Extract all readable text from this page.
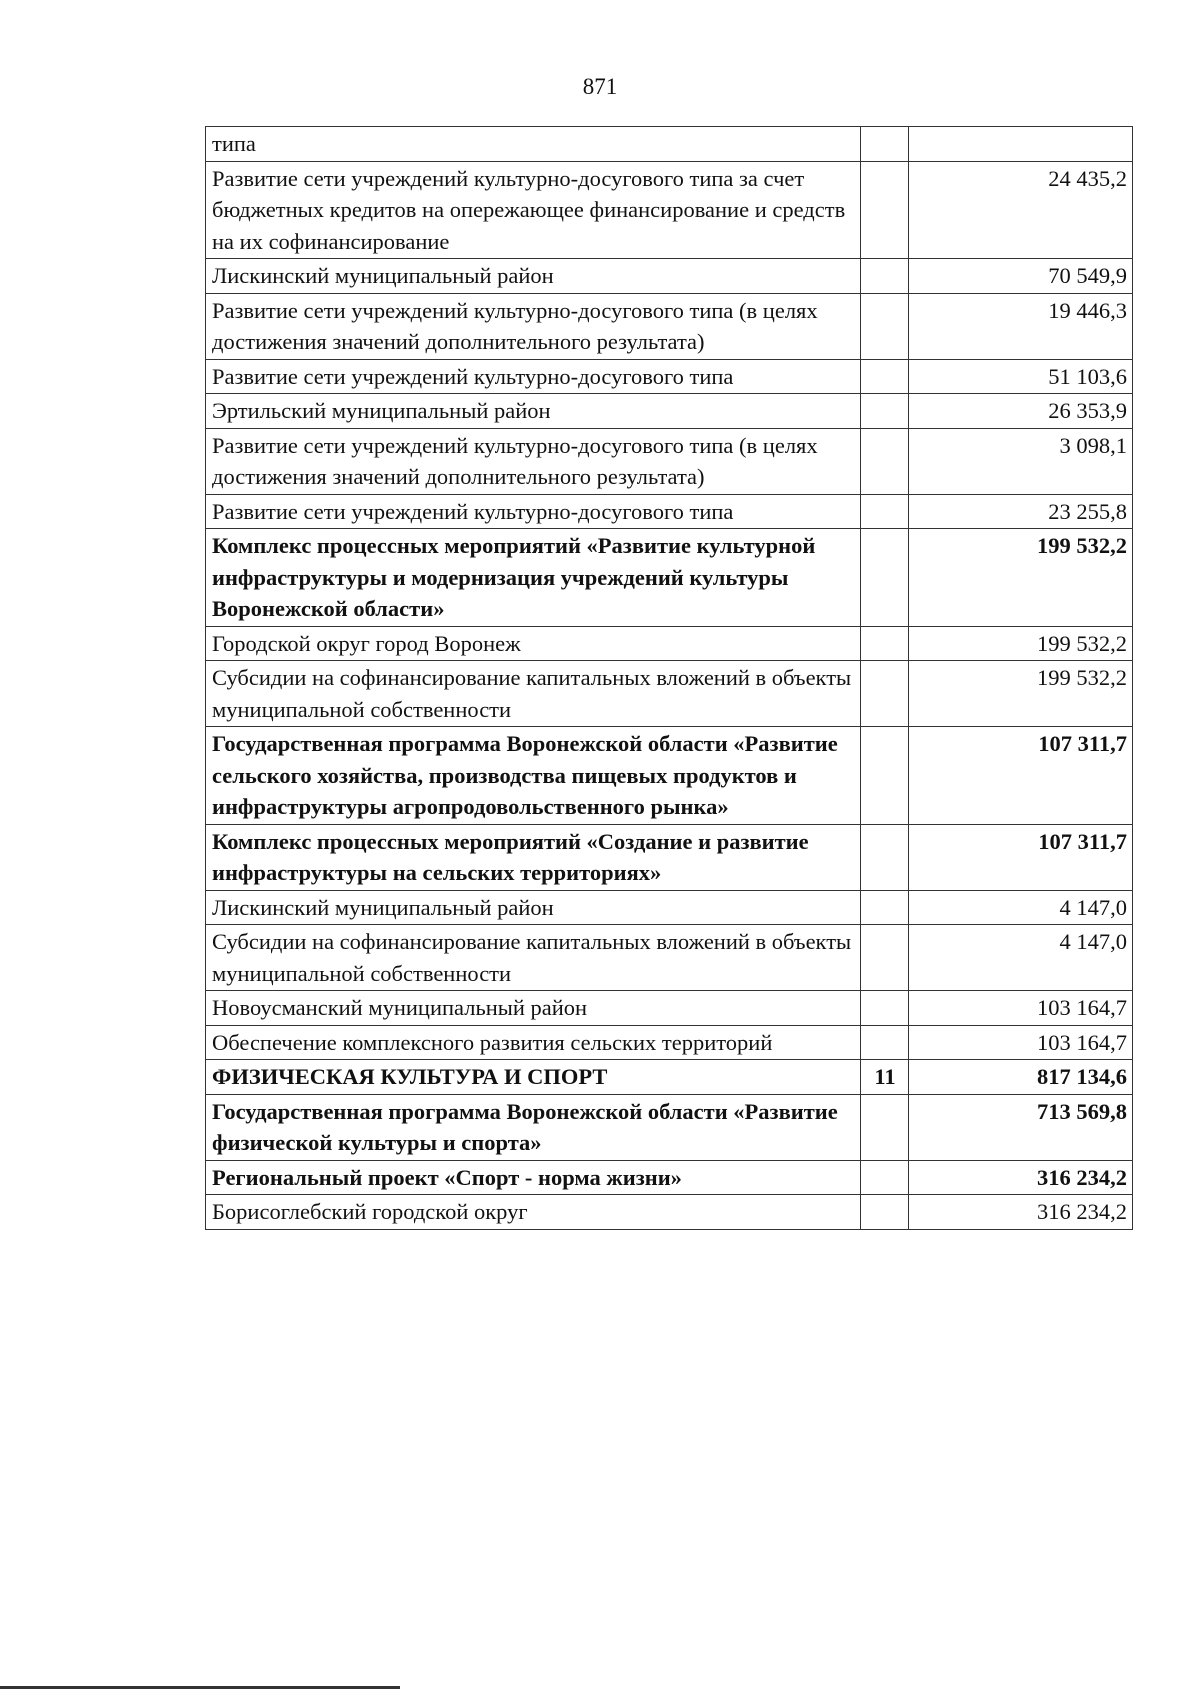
871
типа		
Развитие сети учреждений культурно-досугового типа за счет бюджетных кредитов на опережающее финансирование и средств на их софинансирование		24 435,2
Лискинский муниципальный район		70 549,9
Развитие сети учреждений культурно-досугового типа (в целях достижения значений дополнительного результата)		19 446,3
Развитие сети учреждений культурно-досугового типа		51 103,6
Эртильский муниципальный район		26 353,9
Развитие сети учреждений культурно-досугового типа (в целях достижения значений дополнительного результата)		3 098,1
Развитие сети учреждений культурно-досугового типа		23 255,8
Комплекс процессных мероприятий «Развитие культурной инфраструктуры и модернизация учреждений культуры Воронежской области»		199 532,2
Городской округ город Воронеж		199 532,2
Субсидии на софинансирование капитальных вложений в объекты муниципальной собственности		199 532,2
Государственная программа Воронежской области «Развитие сельского хозяйства, производства пищевых продуктов и инфраструктуры агропродовольственного рынка»		107 311,7
Комплекс процессных мероприятий «Создание и развитие инфраструктуры на сельских территориях»		107 311,7
Лискинский муниципальный район		4 147,0
Субсидии на софинансирование капитальных вложений в объекты муниципальной собственности		4 147,0
Новоусманский муниципальный район		103 164,7
Обеспечение комплексного развития сельских территорий		103 164,7
ФИЗИЧЕСКАЯ КУЛЬТУРА И СПОРТ	11	817 134,6
Государственная программа Воронежской области «Развитие физической культуры и спорта»		713 569,8
Региональный проект «Спорт - норма жизни»		316 234,2
Борисоглебский городской округ		316 234,2
